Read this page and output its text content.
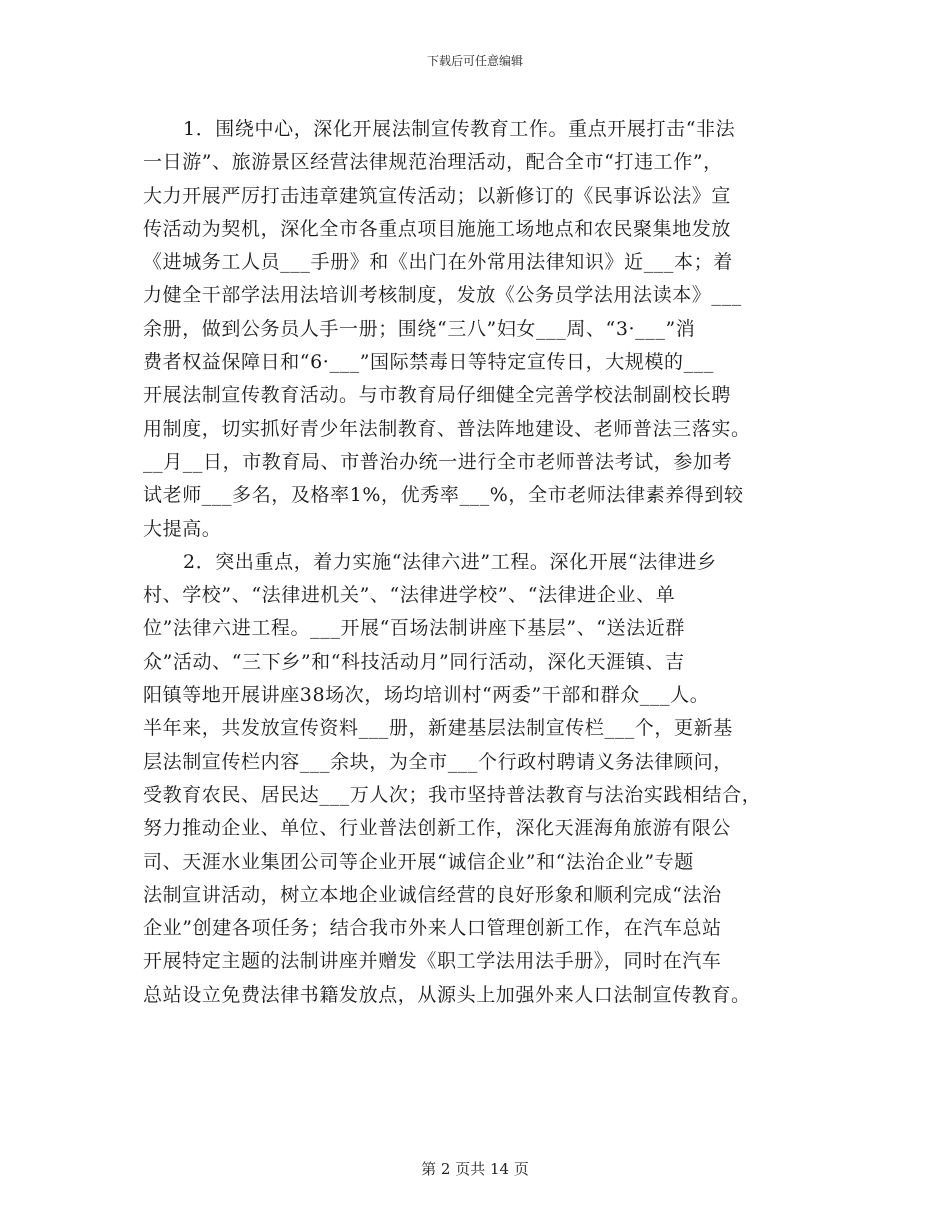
下载后可任意编辑
1．围绕中心，深化开展法制宣传教育工作。重点开展打击“非法
一日游”、旅游景区经营法律规范治理活动，配合全市“打违工作”，
大力开展严厉打击违章建筑宣传活动；以新修订的《民事诉讼法》宣
传活动为契机，深化全市各重点项目施施工场地点和农民聚集地发放
《进城务工人员___手册》和《出门在外常用法律知识》近___本；着
力健全干部学法用法培训考核制度，发放《公务员学法用法读本》___
余册，做到公务员人手一册；围绕“三八”妇女___周、“3·___”消
费者权益保障日和“6·___”国际禁毒日等特定宣传日，大规模的___
开展法制宣传教育活动。与市教育局仔细健全完善学校法制副校长聘
用制度，切实抓好青少年法制教育、普法阵地建设、老师普法三落实。
__月__日，市教育局、市普治办统一进行全市老师普法考试，参加考
试老师___多名，及格率1%，优秀率___%，全市老师法律素养得到较
大提高。
2．突出重点，着力实施“法律六进”工程。深化开展“法律进乡
村、学校”、“法律进机关”、“法律进学校”、“法律进企业、单
位”法律六进工程。___开展“百场法制讲座下基层”、“送法近群
众”活动、“三下乡”和“科技活动月”同行活动，深化天涯镇、吉
阳镇等地开展讲座38场次，场均培训村“两委”干部和群众___人。
半年来，共发放宣传资料___册，新建基层法制宣传栏___个，更新基
层法制宣传栏内容___余块，为全市___个行政村聘请义务法律顾问，
受教育农民、居民达___万人次；我市坚持普法教育与法治实践相结合，
努力推动企业、单位、行业普法创新工作，深化天涯海角旅游有限公
司、天涯水业集团公司等企业开展“诚信企业”和“法治企业”专题
法制宣讲活动，树立本地企业诚信经营的良好形象和顺利完成“法治
企业”创建各项任务；结合我市外来人口管理创新工作，在汽车总站
开展特定主题的法制讲座并赠发《职工学法用法手册》，同时在汽车
总站设立免费法律书籍发放点，从源头上加强外来人口法制宣传教育。
第 2 页共 14 页
